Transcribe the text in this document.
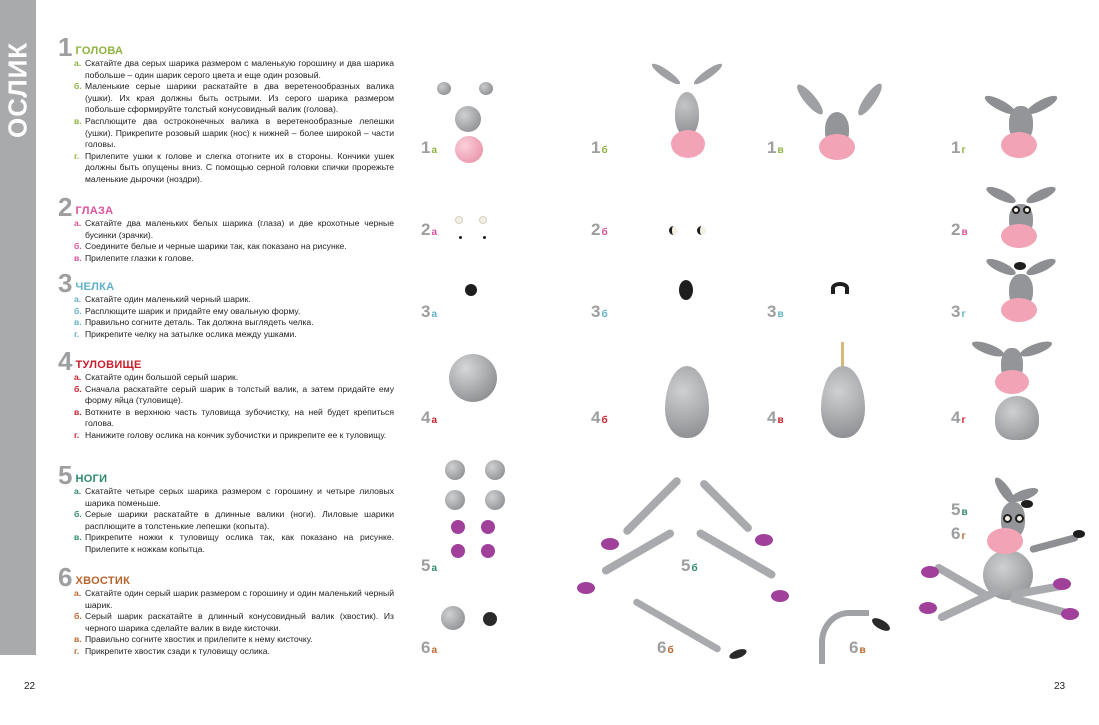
ОСЛИК 1 ГОЛОВА
а. Скатайте два серых шарика размером с маленькую горошину и два шарика побольше – один шарик серого цвета и еще один розовый.
б. Маленькие серые шарики раскатайте в два веретенообразных валика (ушки). Их края должны быть острыми. Из серого шарика размером побольше сформируйте толстый конусовидный валик (голова).
в. Расплющите два остроконечных валика в веретенообразные лепешки (ушки). Прикрепите розовый шарик (нос) к нижней – более широкой – части головы.
г. Прилепите ушки к голове и слегка отогните их в стороны. Кончики ушек должны быть опущены вниз. С помощью серной головки спички прорежьте маленькие дырочки (ноздри).
2 ГЛАЗА
а. Скатайте два маленьких белых шарика (глаза) и две крохотные черные бусинки (зрачки).
б. Соедините белые и черные шарики так, как показано на рисунке.
в. Прилепите глазки к голове.
3 ЧЕЛКА
а. Скатайте один маленький черный шарик.
б. Расплющите шарик и придайте ему овальную форму.
в. Правильно согните деталь. Так должна выглядеть челка.
г. Прикрепите челку на затылке ослика между ушками.
4 ТУЛОВИЩЕ
а. Скатайте один большой серый шарик.
б. Сначала раскатайте серый шарик в толстый валик, а затем придайте ему форму яйца (туловище).
в. Воткните в верхнюю часть туловища зубочистку, на ней будет крепиться голова.
г. Нанижите голову ослика на кончик зубочистки и прикрепите ее к туловищу.
5 НОГИ
а. Скатайте четыре серых шарика размером с горошину и четыре лиловых шарика поменьше.
б. Серые шарики раскатайте в длинные валики (ноги). Лиловые шарики расплющите в толстенькие лепешки (копыта).
в. Прикрепите ножки к туловищу ослика так, как показано на рисунке. Прилепите к ножкам копытца.
6 ХВОСТИК
а. Скатайте один серый шарик размером с горошину и один маленький черный шарик.
б. Серый шарик раскатайте в длинный конусовидный валик (хвостик). Из черного шарика сделайте валик в виде кисточки.
в. Правильно согните хвостик и прилепите к нему кисточку.
г. Прикрепите хвостик сзади к туловищу ослика.
22	23
1а	1б	1в	1г
2а	2б	2в
3а	3б	3в	3г
4а	4б	4в	4г
5а	5б
5в
6а	6б	6в
6г
